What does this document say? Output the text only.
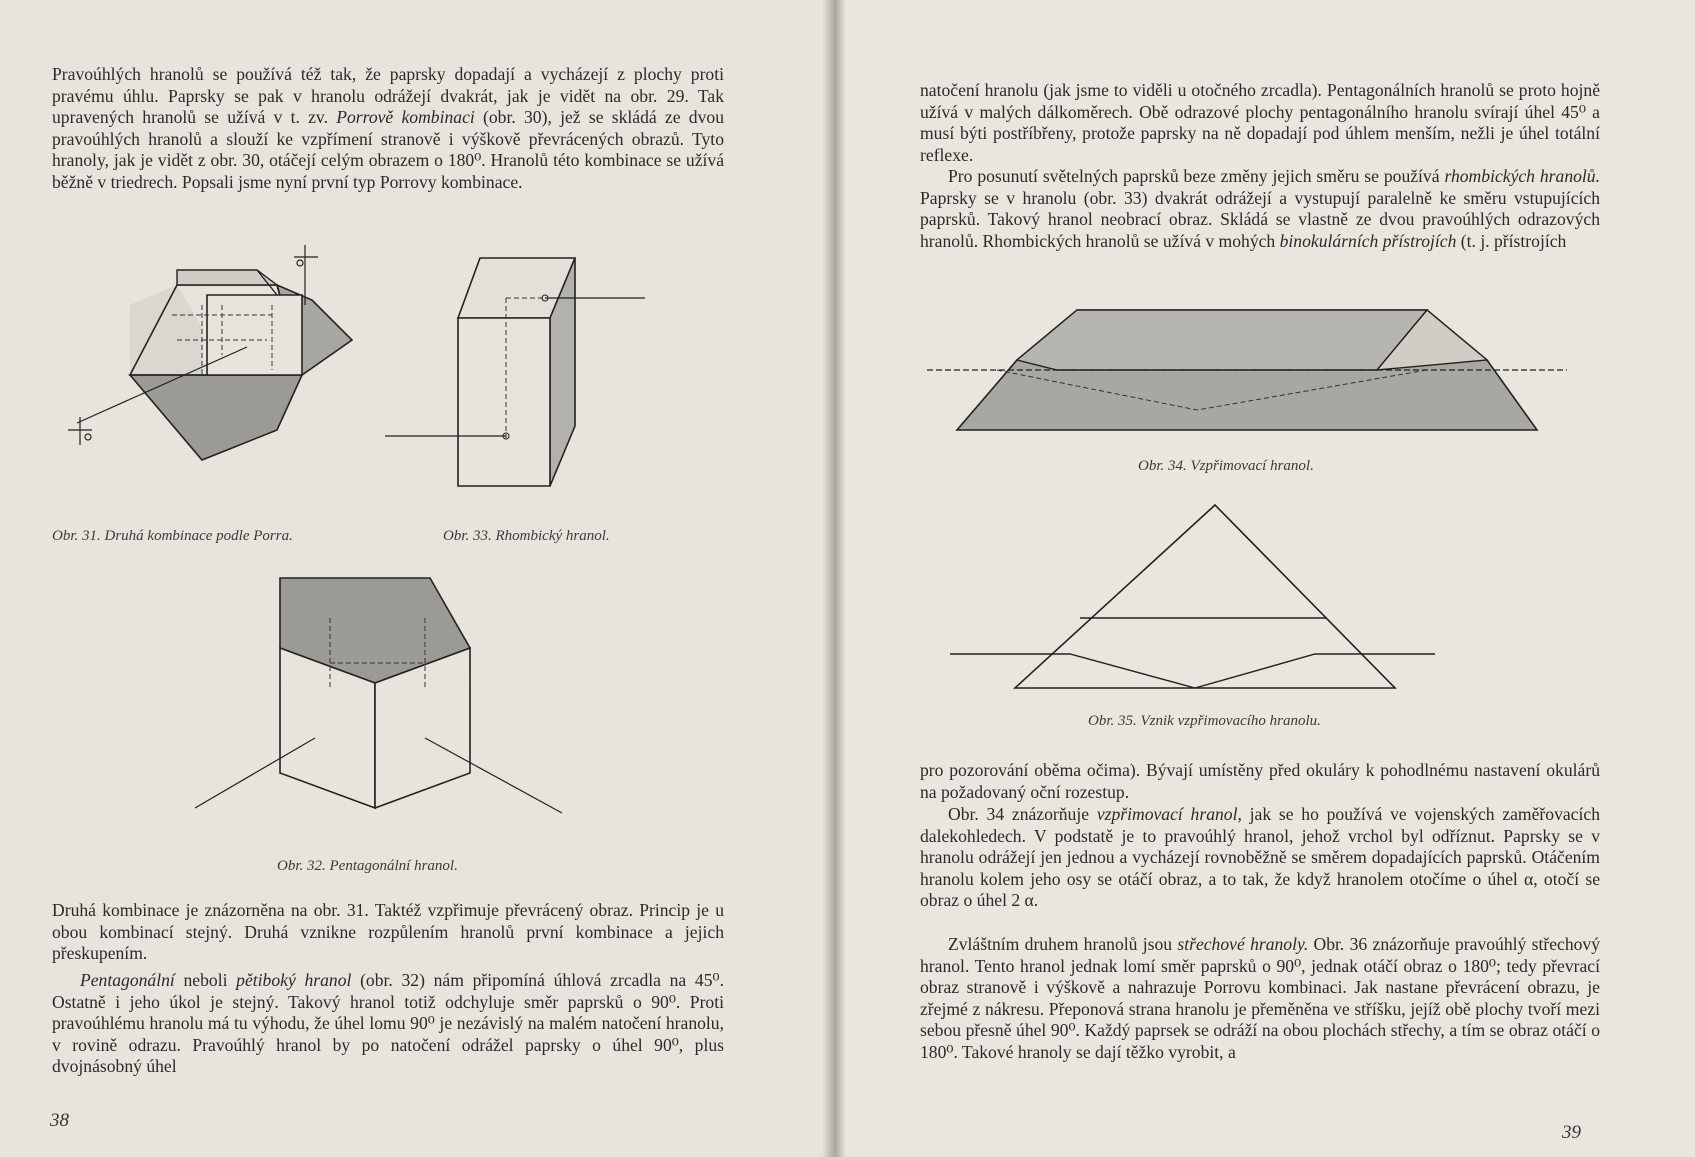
Pravoúhlých hranolů se používá též tak, že paprsky dopadají a vycházejí z plochy proti pravému úhlu. Paprsky se pak v hranolu odrážejí dvakrát, jak je vidět na obr. 29. Tak upravených hranolů se užívá v t. zv. Porrově kombinaci (obr. 30), jež se skládá ze dvou pravoúhlých hranolů a slouží ke vzpřímení stranově i výškově převrácených obrazů. Tyto hranoly, jak je vidět z obr. 30, otáčejí celým obrazem o 180⁰. Hranolů této kombinace se užívá běžně v triedrech. Popsali jsme nyní první typ Porrovy kombinace.

Obr. 31. Druhá kombinace podle Porra.	Obr. 33. Rhombický hranol.
Obr. 32. Pentagonální hranol.

Druhá kombinace je znázorněna na obr. 31. Taktéž vzpřimuje převrácený obraz. Princip je u obou kombinací stejný. Druhá vznikne rozpůlením hranolů první kombinace a jejich přeskupením.

Pentagonální neboli pětiboký hranol (obr. 32) nám připomíná úhlová zrcadla na 45⁰. Ostatně i jeho úkol je stejný. Takový hranol totiž odchyluje směr paprsků o 90⁰. Proti pravoúhlému hranolu má tu výhodu, že úhel lomu 90⁰ je nezávislý na malém natočení hranolu, v rovině odrazu. Pravoúhlý hranol by po natočení odrážel paprsky o úhel 90⁰, plus dvojnásobný úhel

38

natočení hranolu (jak jsme to viděli u otočného zrcadla). Pentagonálních hranolů se proto hojně užívá v malých dálkoměrech. Obě odrazové plochy pentagonálního hranolu svírají úhel 45⁰ a musí býti postříbřeny, protože paprsky na ně dopadají pod úhlem menším, nežli je úhel totální reflexe.

Pro posunutí světelných paprsků beze změny jejich směru se používá rhombických hranolů. Paprsky se v hranolu (obr. 33) dvakrát odrážejí a vystupují paralelně ke směru vstupujících paprsků. Takový hranol neobrací obraz. Skládá se vlastně ze dvou pravoúhlých odrazových hranolů. Rhombických hranolů se užívá v mohých binokulárních přístrojích (t. j. přístrojích

Obr. 34. Vzpřimovací hranol.
Obr. 35. Vznik vzpřimovacího hranolu.

pro pozorování oběma očima). Bývají umístěny před okuláry k pohodlnému nastavení okulárů na požadovaný oční rozestup.

Obr. 34 znázorňuje vzpřimovací hranol, jak se ho používá ve vojenských zaměřovacích dalekohledech. V podstatě je to pravoúhlý hranol, jehož vrchol byl odříznut. Paprsky se v hranolu odrážejí jen jednou a vycházejí rovnoběžně se směrem dopadajících paprsků. Otáčením hranolu kolem jeho osy se otáčí obraz, a to tak, že když hranolem otočíme o úhel α, otočí se obraz o úhel 2 α.

Zvláštním druhem hranolů jsou střechové hranoly. Obr. 36 znázorňuje pravoúhlý střechový hranol. Tento hranol jednak lomí směr paprsků o 90⁰, jednak otáčí obraz o 180⁰; tedy převrací obraz stranově i výškově a nahrazuje Porrovu kombinaci. Jak nastane převrácení obrazu, je zřejmé z nákresu. Přeponová strana hranolu je přeměněna ve stříšku, jejíž obě plochy tvoří mezi sebou přesně úhel 90⁰. Každý paprsek se odráží na obou plochách střechy, a tím se obraz otáčí o 180⁰. Takové hranoly se dají těžko vyrobit, a

39
